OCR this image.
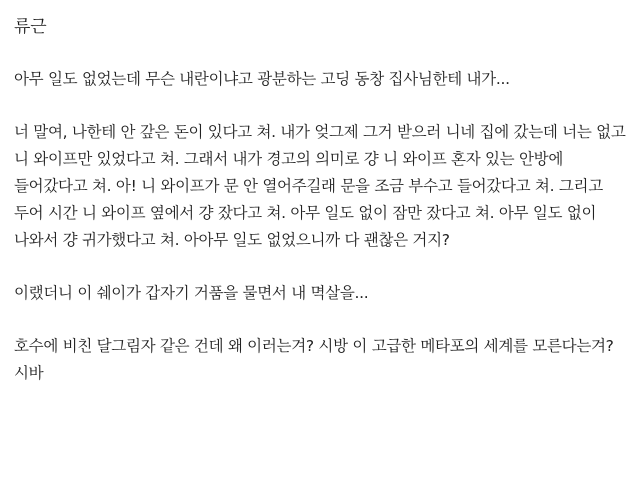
류근

아무 일도 없었는데 무슨 내란이냐고 광분하는 고딩 동창 집사님한테 내가...

너 말여, 나한테 안 갚은 돈이 있다고 쳐. 내가 엊그제 그거 받으러 니네 집에 갔는데 너는 없고 니 와이프만 있었다고 쳐. 그래서 내가 경고의 의미로 걍 니 와이프 혼자 있는 안방에 들어갔다고 쳐. 아! 니 와이프가 문 안 열어주길래 문을 조금 부수고 들어갔다고 쳐. 그리고 두어 시간 니 와이프 옆에서 걍 잤다고 쳐. 아무 일도 없이 잠만 잤다고 쳐. 아무 일도 없이 나와서 걍 귀가했다고 쳐. 아아무 일도 없었으니까 다 괜찮은 거지?

이랬더니 이 쉐이가 갑자기 거품을 물면서 내 멱살을...

호수에 비친 달그림자 같은 건데 왜 이러는겨? 시방 이 고급한 메타포의 세계를 모른다는겨? 시바
